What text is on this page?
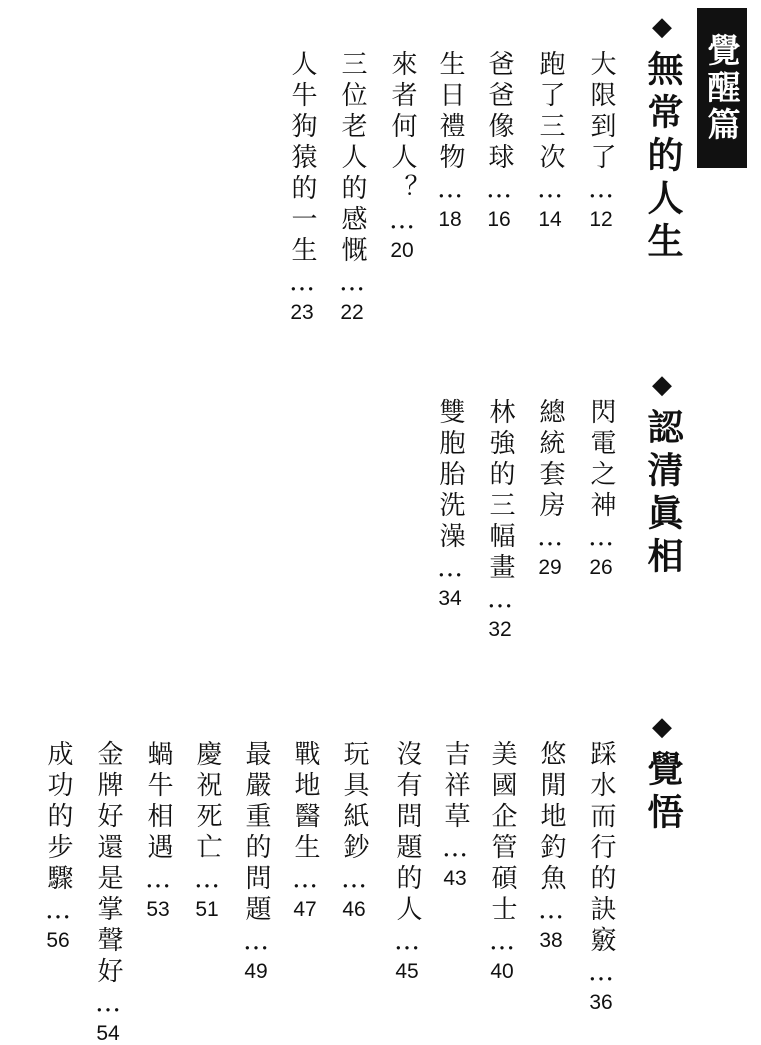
覺醒篇
◆無常的人生
大限到了…12
跑了三次…14
爸爸像球…16
生日禮物…18
來者何人？…20
三位老人的感慨…22
人牛狗猿的一生…23
◆認清眞相
閃電之神…26
總統套房…29
林強的三幅畫…32
雙胞胎洗澡…34
◆覺悟
踩水而行的訣竅…36
悠閒地釣魚…38
美國企管碩士…40
吉祥草…43
沒有問題的人…45
玩具紙鈔…46
戰地醫生…47
最嚴重的問題…49
慶祝死亡…51
蝸牛相遇…53
金牌好還是掌聲好…54
成功的步驟…56
